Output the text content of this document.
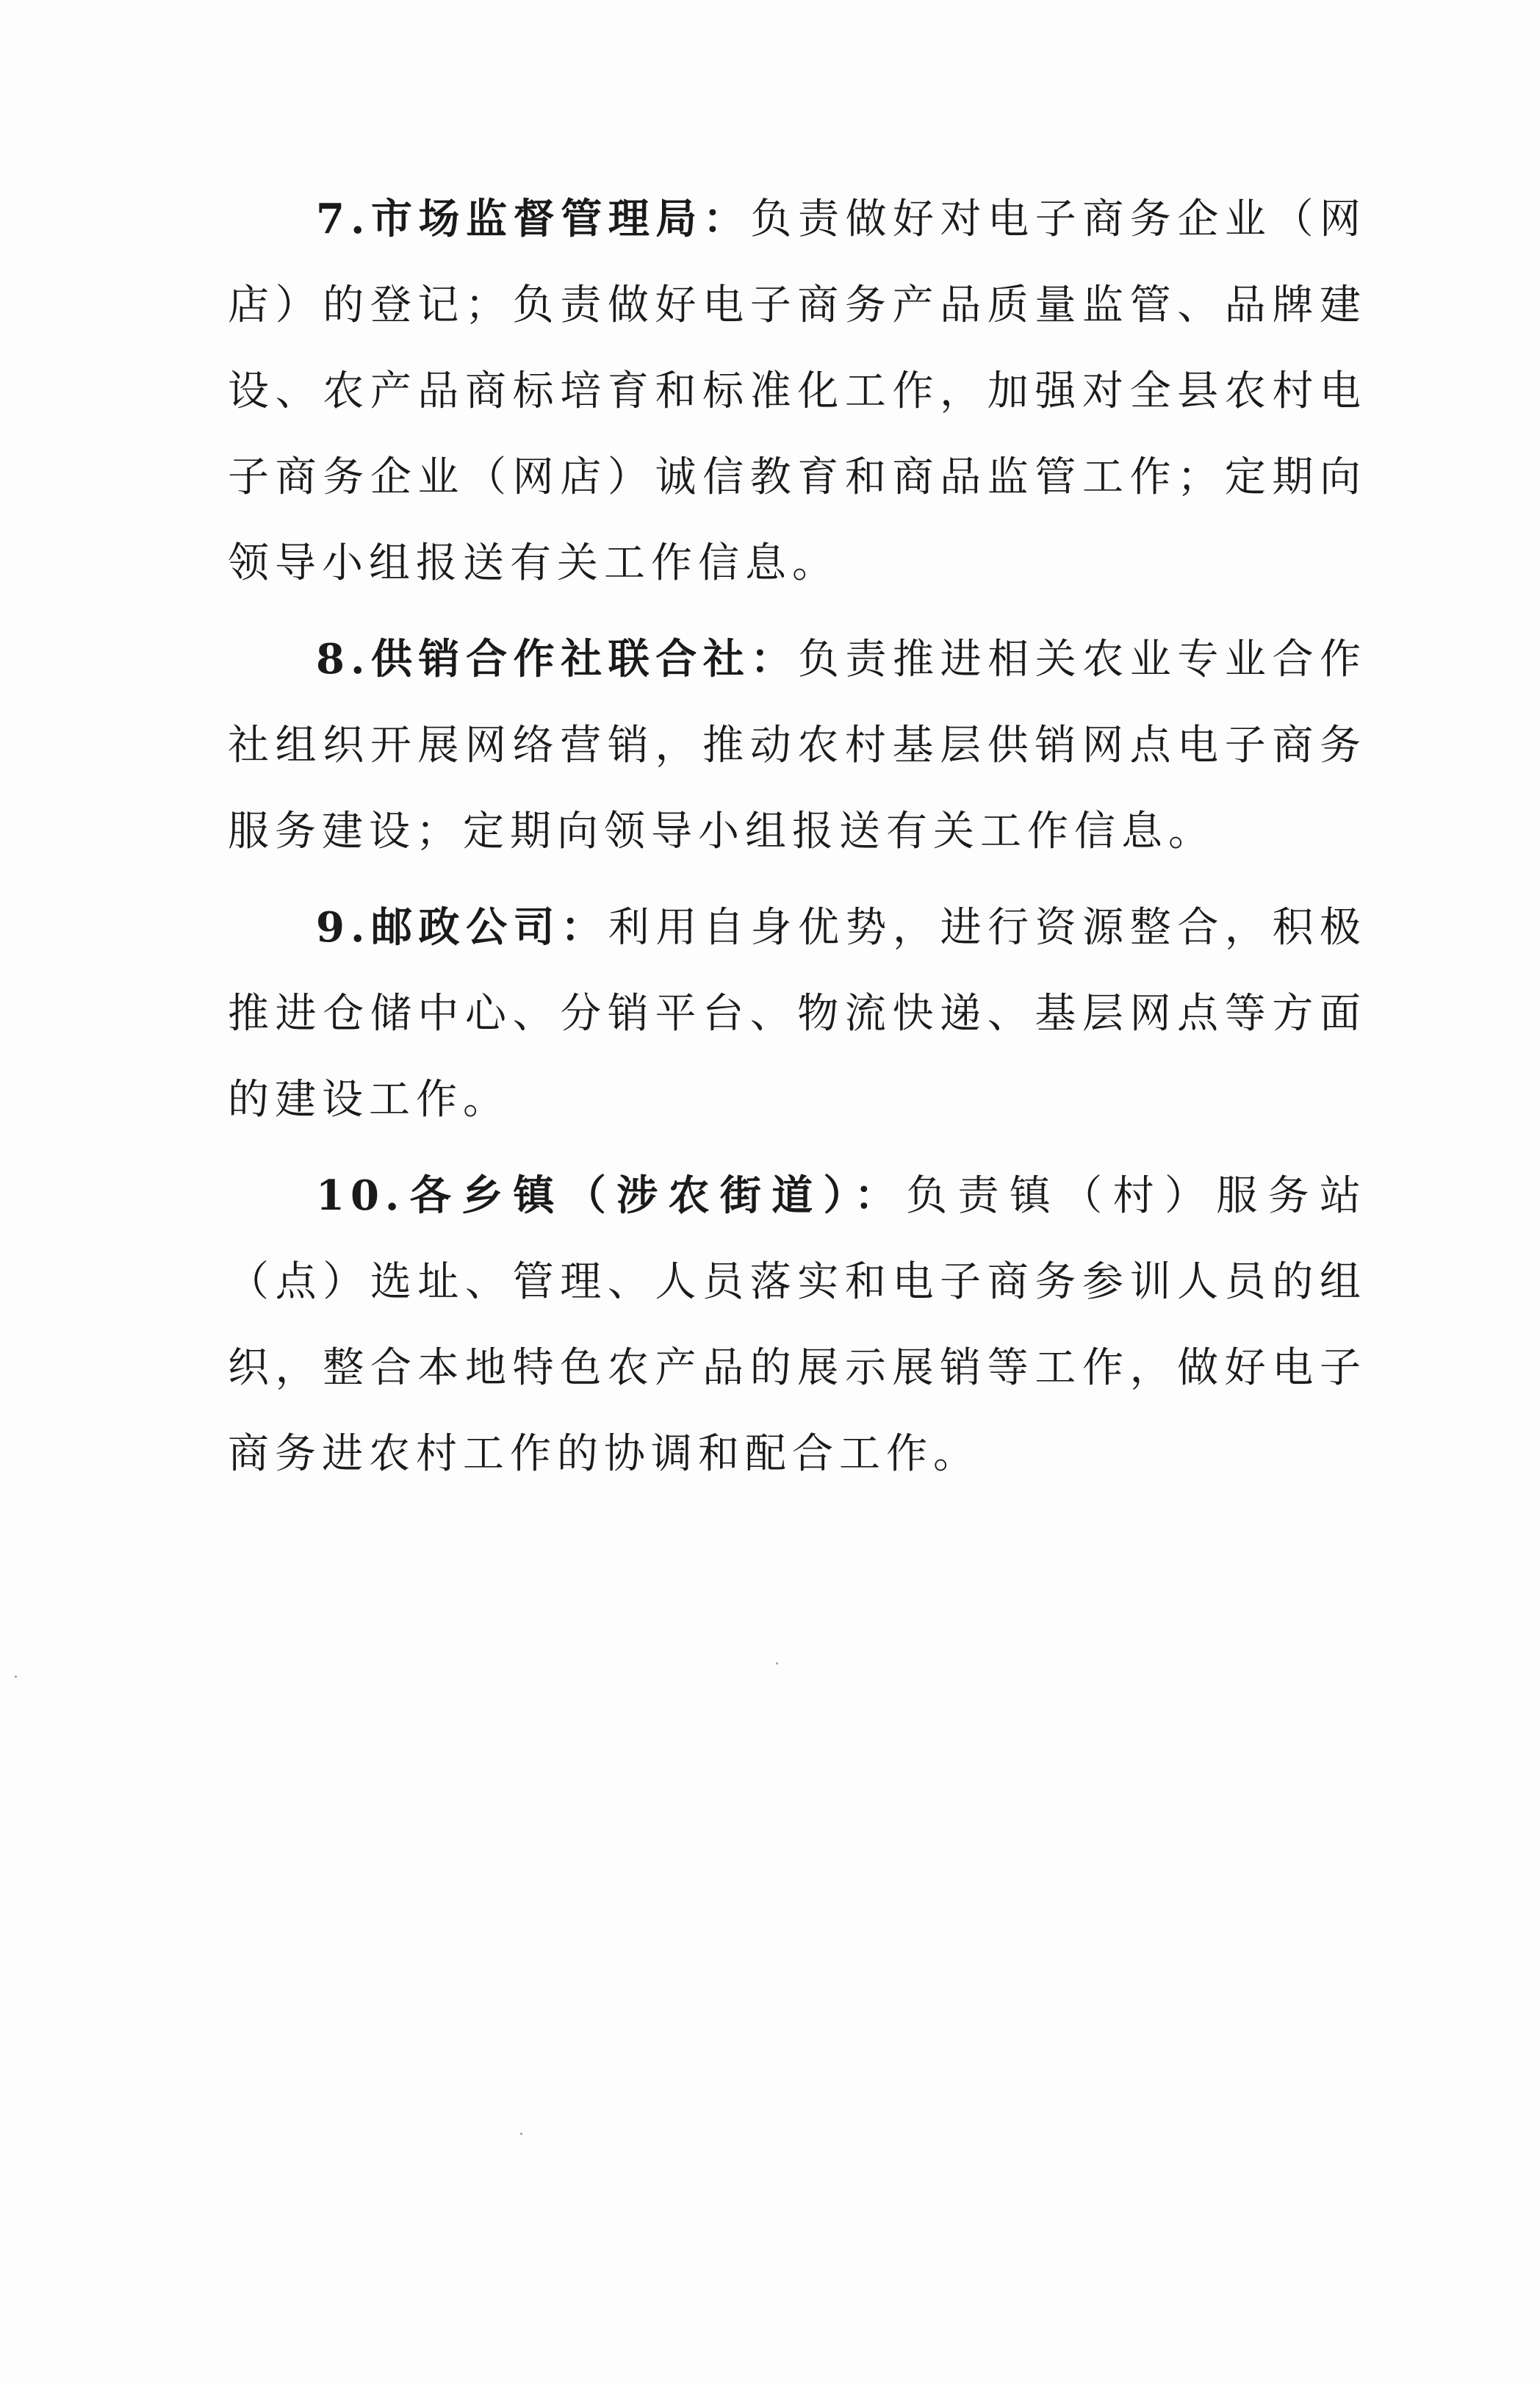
7.市场监督管理局：负责做好对电子商务企业（网店）的登记；负责做好电子商务产品质量监管、品牌建设、农产品商标培育和标准化工作，加强对全县农村电子商务企业（网店）诚信教育和商品监管工作；定期向领导小组报送有关工作信息。

8.供销合作社联合社：负责推进相关农业专业合作社组织开展网络营销，推动农村基层供销网点电子商务服务建设；定期向领导小组报送有关工作信息。

9.邮政公司：利用自身优势，进行资源整合，积极推进仓储中心、分销平台、物流快递、基层网点等方面的建设工作。

10.各乡镇（涉农街道）：负责镇（村）服务站（点）选址、管理、人员落实和电子商务参训人员的组织，整合本地特色农产品的展示展销等工作，做好电子商务进农村工作的协调和配合工作。
